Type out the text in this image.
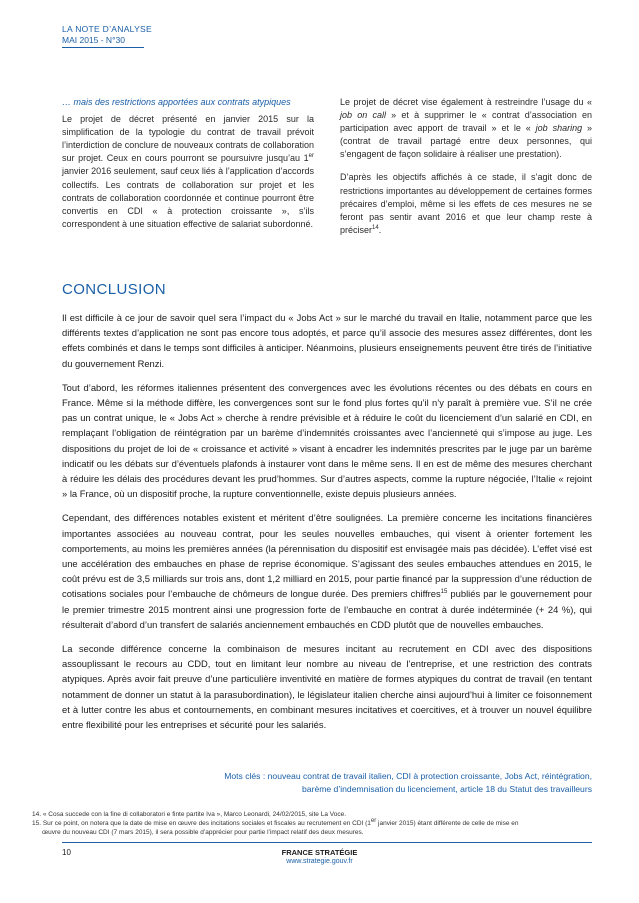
LA NOTE D’ANALYSE
MAI 2015 - N°30

… mais des restrictions apportées aux contrats atypiques

Le projet de décret présenté en janvier 2015 sur la simplification de la typologie du contrat de travail prévoit l’interdiction de conclure de nouveaux contrats de collaboration sur projet. Ceux en cours pourront se poursuivre jusqu’au 1er janvier 2016 seulement, sauf ceux liés à l’application d’accords collectifs. Les contrats de collaboration sur projet et les contrats de collaboration coordonnée et continue pourront être convertis en CDI « à protection croissante », s’ils correspondent à une situation effective de salariat subordonné.

Le projet de décret vise également à restreindre l’usage du « job on call » et à supprimer le « contrat d’association en participation avec apport de travail » et le « job sharing » (contrat de travail partagé entre deux personnes, qui s’engagent de façon solidaire à réaliser une prestation).

D’après les objectifs affichés à ce stade, il s’agit donc de restrictions importantes au développement de certaines formes précaires d’emploi, même si les effets de ces mesures ne se feront pas sentir avant 2016 et que leur champ reste à préciser$^{14}$.

CONCLUSION

Il est difficile à ce jour de savoir quel sera l’impact du « Jobs Act » sur le marché du travail en Italie, notamment parce que les différents textes d’application ne sont pas encore tous adoptés, et parce qu’il associe des mesures assez différentes, dont les effets combinés et dans le temps sont difficiles à anticiper. Néanmoins, plusieurs enseignements peuvent être tirés de l’initiative du gouvernement Renzi.

Tout d’abord, les réformes italiennes présentent des convergences avec les évolutions récentes ou des débats en cours en France. Même si la méthode diffère, les convergences sont sur le fond plus fortes qu’il n’y paraît à première vue. S’il ne crée pas un contrat unique, le « Jobs Act » cherche à rendre prévisible et à réduire le coût du licenciement d’un salarié en CDI, en remplaçant l’obligation de réintégration par un barème d’indemnités croissantes avec l’ancienneté qui s’impose au juge. Les dispositions du projet de loi de « croissance et activité » visant à encadrer les indemnités prescrites par le juge par un barème indicatif ou les débats sur d’éventuels plafonds à instaurer vont dans le même sens. Il en est de même des mesures cherchant à réduire les délais des procédures devant les prud’hommes. Sur d’autres aspects, comme la rupture négociée, l’Italie « rejoint » la France, où un dispositif proche, la rupture conventionnelle, existe depuis plusieurs années.

Cependant, des différences notables existent et méritent d’être soulignées. La première concerne les incitations financières importantes associées au nouveau contrat, pour les seules nouvelles embauches, qui visent à orienter fortement les comportements, au moins les premières années (la pérennisation du dispositif est envisagée mais pas décidée). L’effet visé est une accélération des embauches en phase de reprise économique. S’agissant des seules embauches attendues en 2015, le coût prévu est de 3,5 milliards sur trois ans, dont 1,2 milliard en 2015, pour partie financé par la suppression d’une réduction de cotisations sociales pour l’embauche de chômeurs de longue durée. Des premiers chiffres$^{15}$ publiés par le gouvernement pour le premier trimestre 2015 montrent ainsi une progression forte de l’embauche en contrat à durée indéterminée (+ 24 %), qui résulterait d’abord d’un transfert de salariés anciennement embauchés en CDD plutôt que de nouvelles embauches.

La seconde différence concerne la combinaison de mesures incitant au recrutement en CDI avec des dispositions assouplissant le recours au CDD, tout en limitant leur nombre au niveau de l’entreprise, et une restriction des contrats atypiques. Après avoir fait preuve d’une particulière inventivité en matière de formes atypiques du contrat de travail (en tentant notamment de donner un statut à la parasubordination), le législateur italien cherche ainsi aujourd’hui à limiter ce foisonnement et à lutter contre les abus et contournements, en combinant mesures incitatives et coercitives, et à trouver un nouvel équilibre entre flexibilité pour les entreprises et sécurité pour les salariés.

Mots clés : nouveau contrat de travail italien, CDI à protection croissante, Jobs Act, réintégration,
barème d’indemnisation du licenciement, article 18 du Statut des travailleurs
14. « Cosa succede con la fine di collaboratori e finte partite Iva », Marco Leonardi, 24/02/2015, site La Voce.
15. Sur ce point, on notera que la date de mise en œuvre des incitations sociales et fiscales au recrutement en CDI (1er janvier 2015) étant différente de celle de mise en
œuvre du nouveau CDI (7 mars 2015), il sera possible d’apprécier pour partie l’impact relatif des deux mesures.
10	FRANCE STRATÉGIE
www.strategie.gouv.fr
